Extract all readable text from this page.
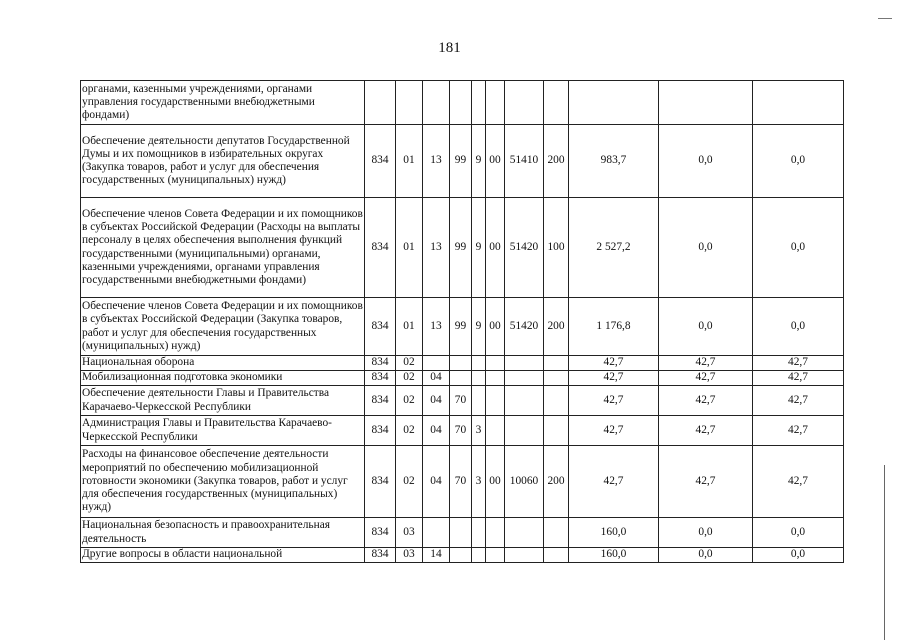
181
органами, казенными учреждениями, органами управления государственными внебюджетными фондами)											
Обеспечение деятельности депутатов Государственной Думы и их помощников в избирательных округах (Закупка товаров, работ и услуг для обеспечения государственных (муниципальных) нужд)	834	01	13	99	9	00	51410	200	983,7	0,0	0,0
Обеспечение членов Совета Федерации и их помощников в субъектах Российской Федерации (Расходы на выплаты персоналу в целях обеспечения выполнения функций государственными (муниципальными) органами, казенными учреждениями, органами управления государственными внебюджетными фондами)	834	01	13	99	9	00	51420	100	2 527,2	0,0	0,0
Обеспечение членов Совета Федерации и их помощников в субъектах Российской Федерации (Закупка товаров, работ и услуг для обеспечения государственных (муниципальных) нужд)	834	01	13	99	9	00	51420	200	1 176,8	0,0	0,0
Национальная оборона	834	02							42,7	42,7	42,7
Мобилизационная подготовка экономики	834	02	04						42,7	42,7	42,7
Обеспечение деятельности Главы и Правительства Карачаево-Черкесской Республики	834	02	04	70					42,7	42,7	42,7
Администрация Главы и Правительства Карачаево-Черкесской Республики	834	02	04	70	3				42,7	42,7	42,7
Расходы на финансовое обеспечение деятельности мероприятий по обеспечению мобилизационной готовности экономики (Закупка товаров, работ и услуг для обеспечения государственных (муниципальных) нужд)	834	02	04	70	3	00	10060	200	42,7	42,7	42,7
Национальная безопасность и правоохранительная деятельность	834	03							160,0	0,0	0,0
Другие вопросы в области национальной	834	03	14						160,0	0,0	0,0
